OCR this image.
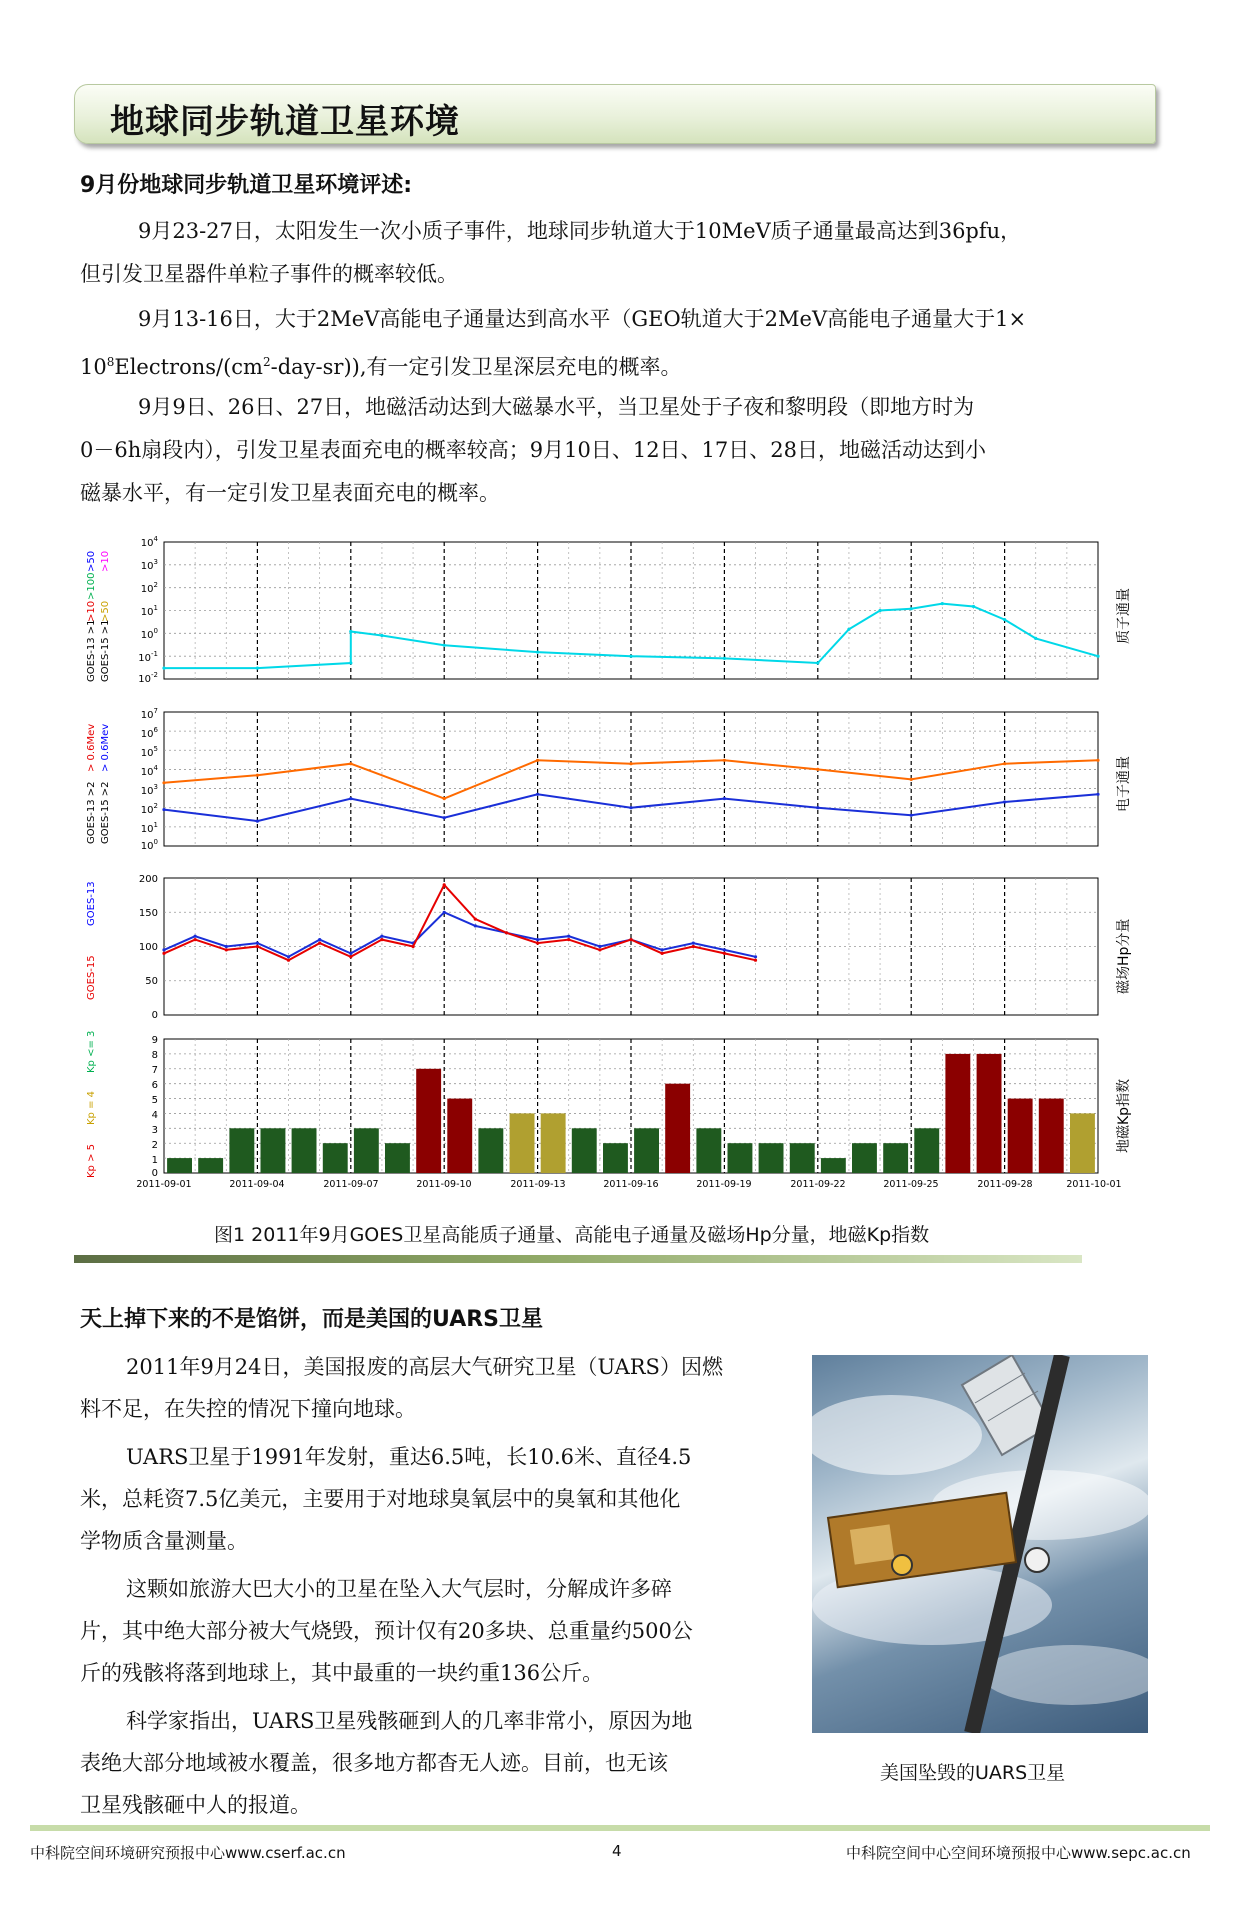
地球同步轨道卫星环境
9月份地球同步轨道卫星环境评述:
9月23-27日，太阳发生一次小质子事件，地球同步轨道大于10MeV质子通量最高达到36pfu，
但引发卫星器件单粒子事件的概率较低。
9月13-16日，大于2MeV高能电子通量达到高水平（GEO轨道大于2MeV高能电子通量大于1×
$10^8Electrons/(cm^2-day-sr)$),有一定引发卫星深层充电的概率。
9月9日、26日、27日，地磁活动达到大磁暴水平，当卫星处于子夜和黎明段（即地方时为
0－6h扇段内），引发卫星表面充电的概率较高；9月10日、12日、17日、28日，地磁活动达到小
磁暴水平，有一定引发卫星表面充电的概率。
$10^4$
$10^3$
$10^2$
$10^1$
$10^0$
$10^{-1}$
$10^{-2}$
$10^7$
$10^6$
$10^5$
$10^4$
$10^3$
$10^2$
$10^1$
$10^0$
200
150
100
50
0
9
8
7
6
5
4
3
2
1
0
2011-09-01	2011-09-04	2011-09-07	2011-09-10	2011-09-13	2011-09-16	2011-09-19	2011-09-22	2011-09-25	2011-09-28	2011-10-01
质子通量
电子通量
磁场Hp分量
地磁Kp指数
GOES-13 >1 GOES-15 >1
>10
>100
>50
>50
>10
GOES-13 >2 GOES-15 >2
> 0.6Mev > 0.6Mev
GOES-13
GOES-15
Kp > 5
Kp = 4
Kp <= 3
图1 2011年9月GOES卫星高能质子通量、高能电子通量及磁场Hp分量，地磁Kp指数
天上掉下来的不是馅饼，而是美国的UARS卫星
2011年9月24日，美国报废的高层大气研究卫星（UARS）因燃
料不足，在失控的情况下撞向地球。
UARS卫星于1991年发射，重达6.5吨，长10.6米、直径4.5
米，总耗资7.5亿美元，主要用于对地球臭氧层中的臭氧和其他化
学物质含量测量。
这颗如旅游大巴大小的卫星在坠入大气层时，分解成许多碎
片，其中绝大部分被大气烧毁，预计仅有20多块、总重量约500公
斤的残骸将落到地球上，其中最重的一块约重136公斤。
科学家指出，UARS卫星残骸砸到人的几率非常小，原因为地
表绝大部分地域被水覆盖，很多地方都杳无人迹。目前，也无该
卫星残骸砸中人的报道。
美国坠毁的UARS卫星
中科院空间环境研究预报中心www.cserf.ac.cn	4	中科院空间中心空间环境预报中心www.sepc.ac.cn
